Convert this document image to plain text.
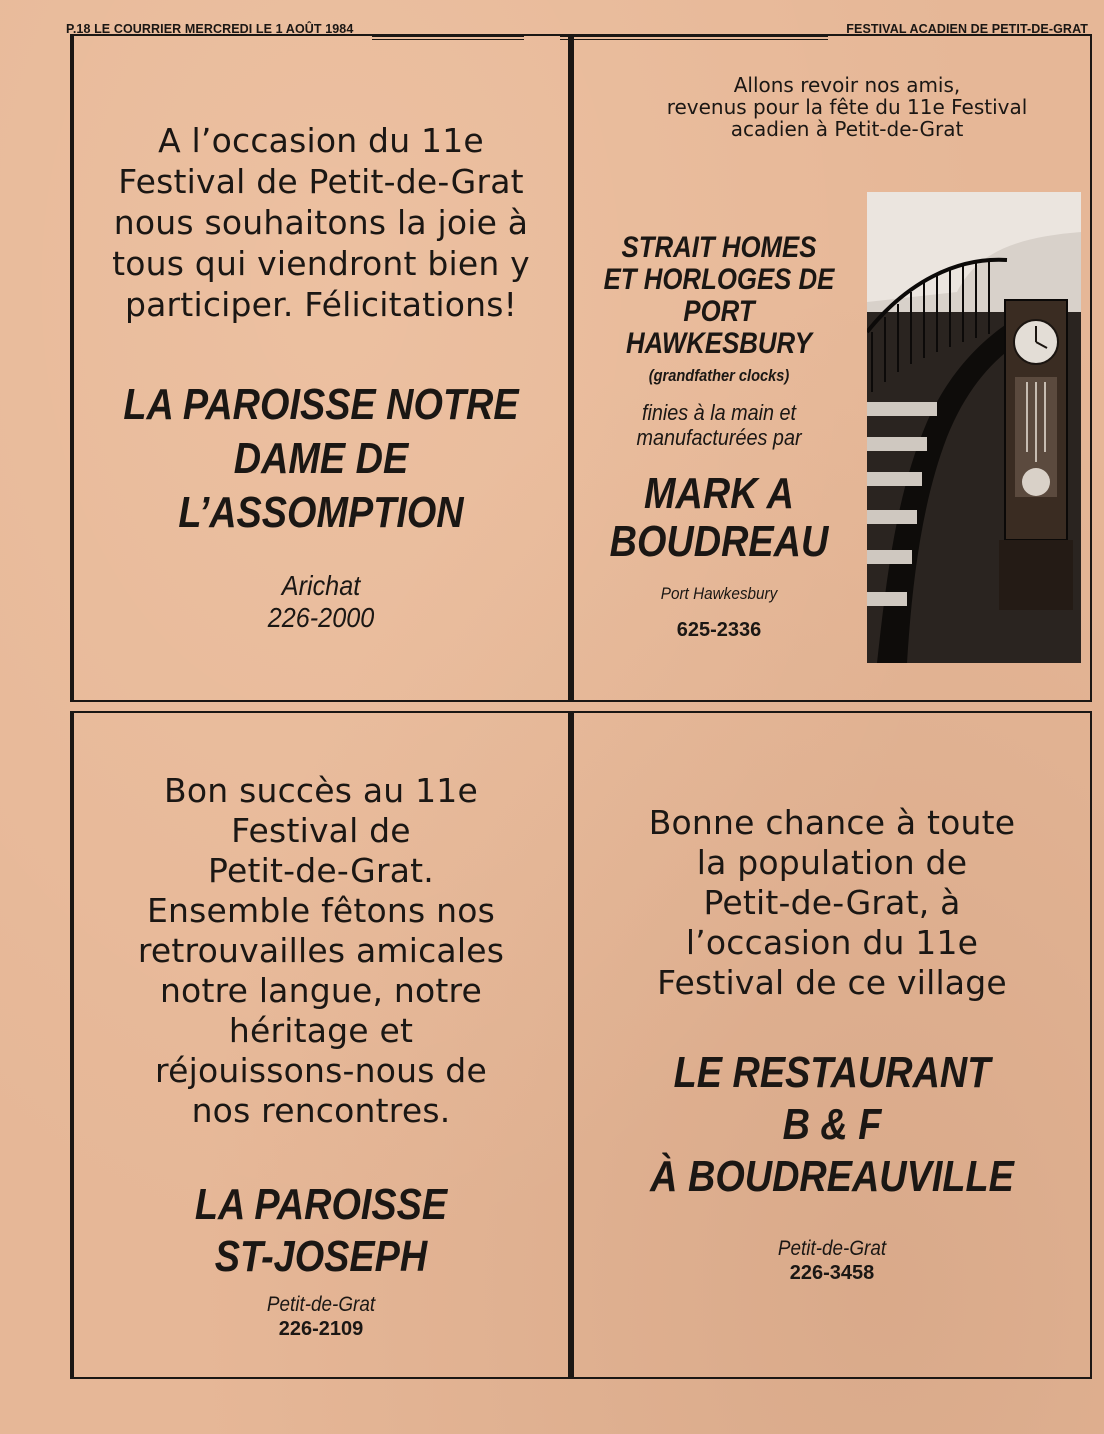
P.18 LE COURRIER MERCREDI LE 1 AOÛT 1984	FESTIVAL ACADIEN DE PETIT-DE-GRAT
A l’occasion du 11e
Festival de Petit-de-Grat
nous souhaitons la joie à
tous qui viendront bien y
participer. Félicitations!
LA PAROISSE NOTRE
DAME DE
L’ASSOMPTION
Arichat
226-2000
Allons revoir nos amis,
revenus pour la fête du 11e Festival
acadien à Petit-de-Grat
STRAIT HOMES
ET HORLOGES DE
PORT
HAWKESBURY
(grandfather clocks)
finies à la main et
manufacturées par
MARK A
BOUDREAU
Port Hawkesbury
625-2336
Bon succès au 11e
Festival de
Petit-de-Grat.
Ensemble fêtons nos
retrouvailles amicales
notre langue, notre
héritage et
réjouissons-nous de
nos rencontres.
LA PAROISSE
ST-JOSEPH
Petit-de-Grat
226-2109
Bonne chance à toute
la population de
Petit-de-Grat, à
l’occasion du 11e
Festival de ce village
LE RESTAURANT
B & F
À BOUDREAUVILLE
Petit-de-Grat
226-3458
